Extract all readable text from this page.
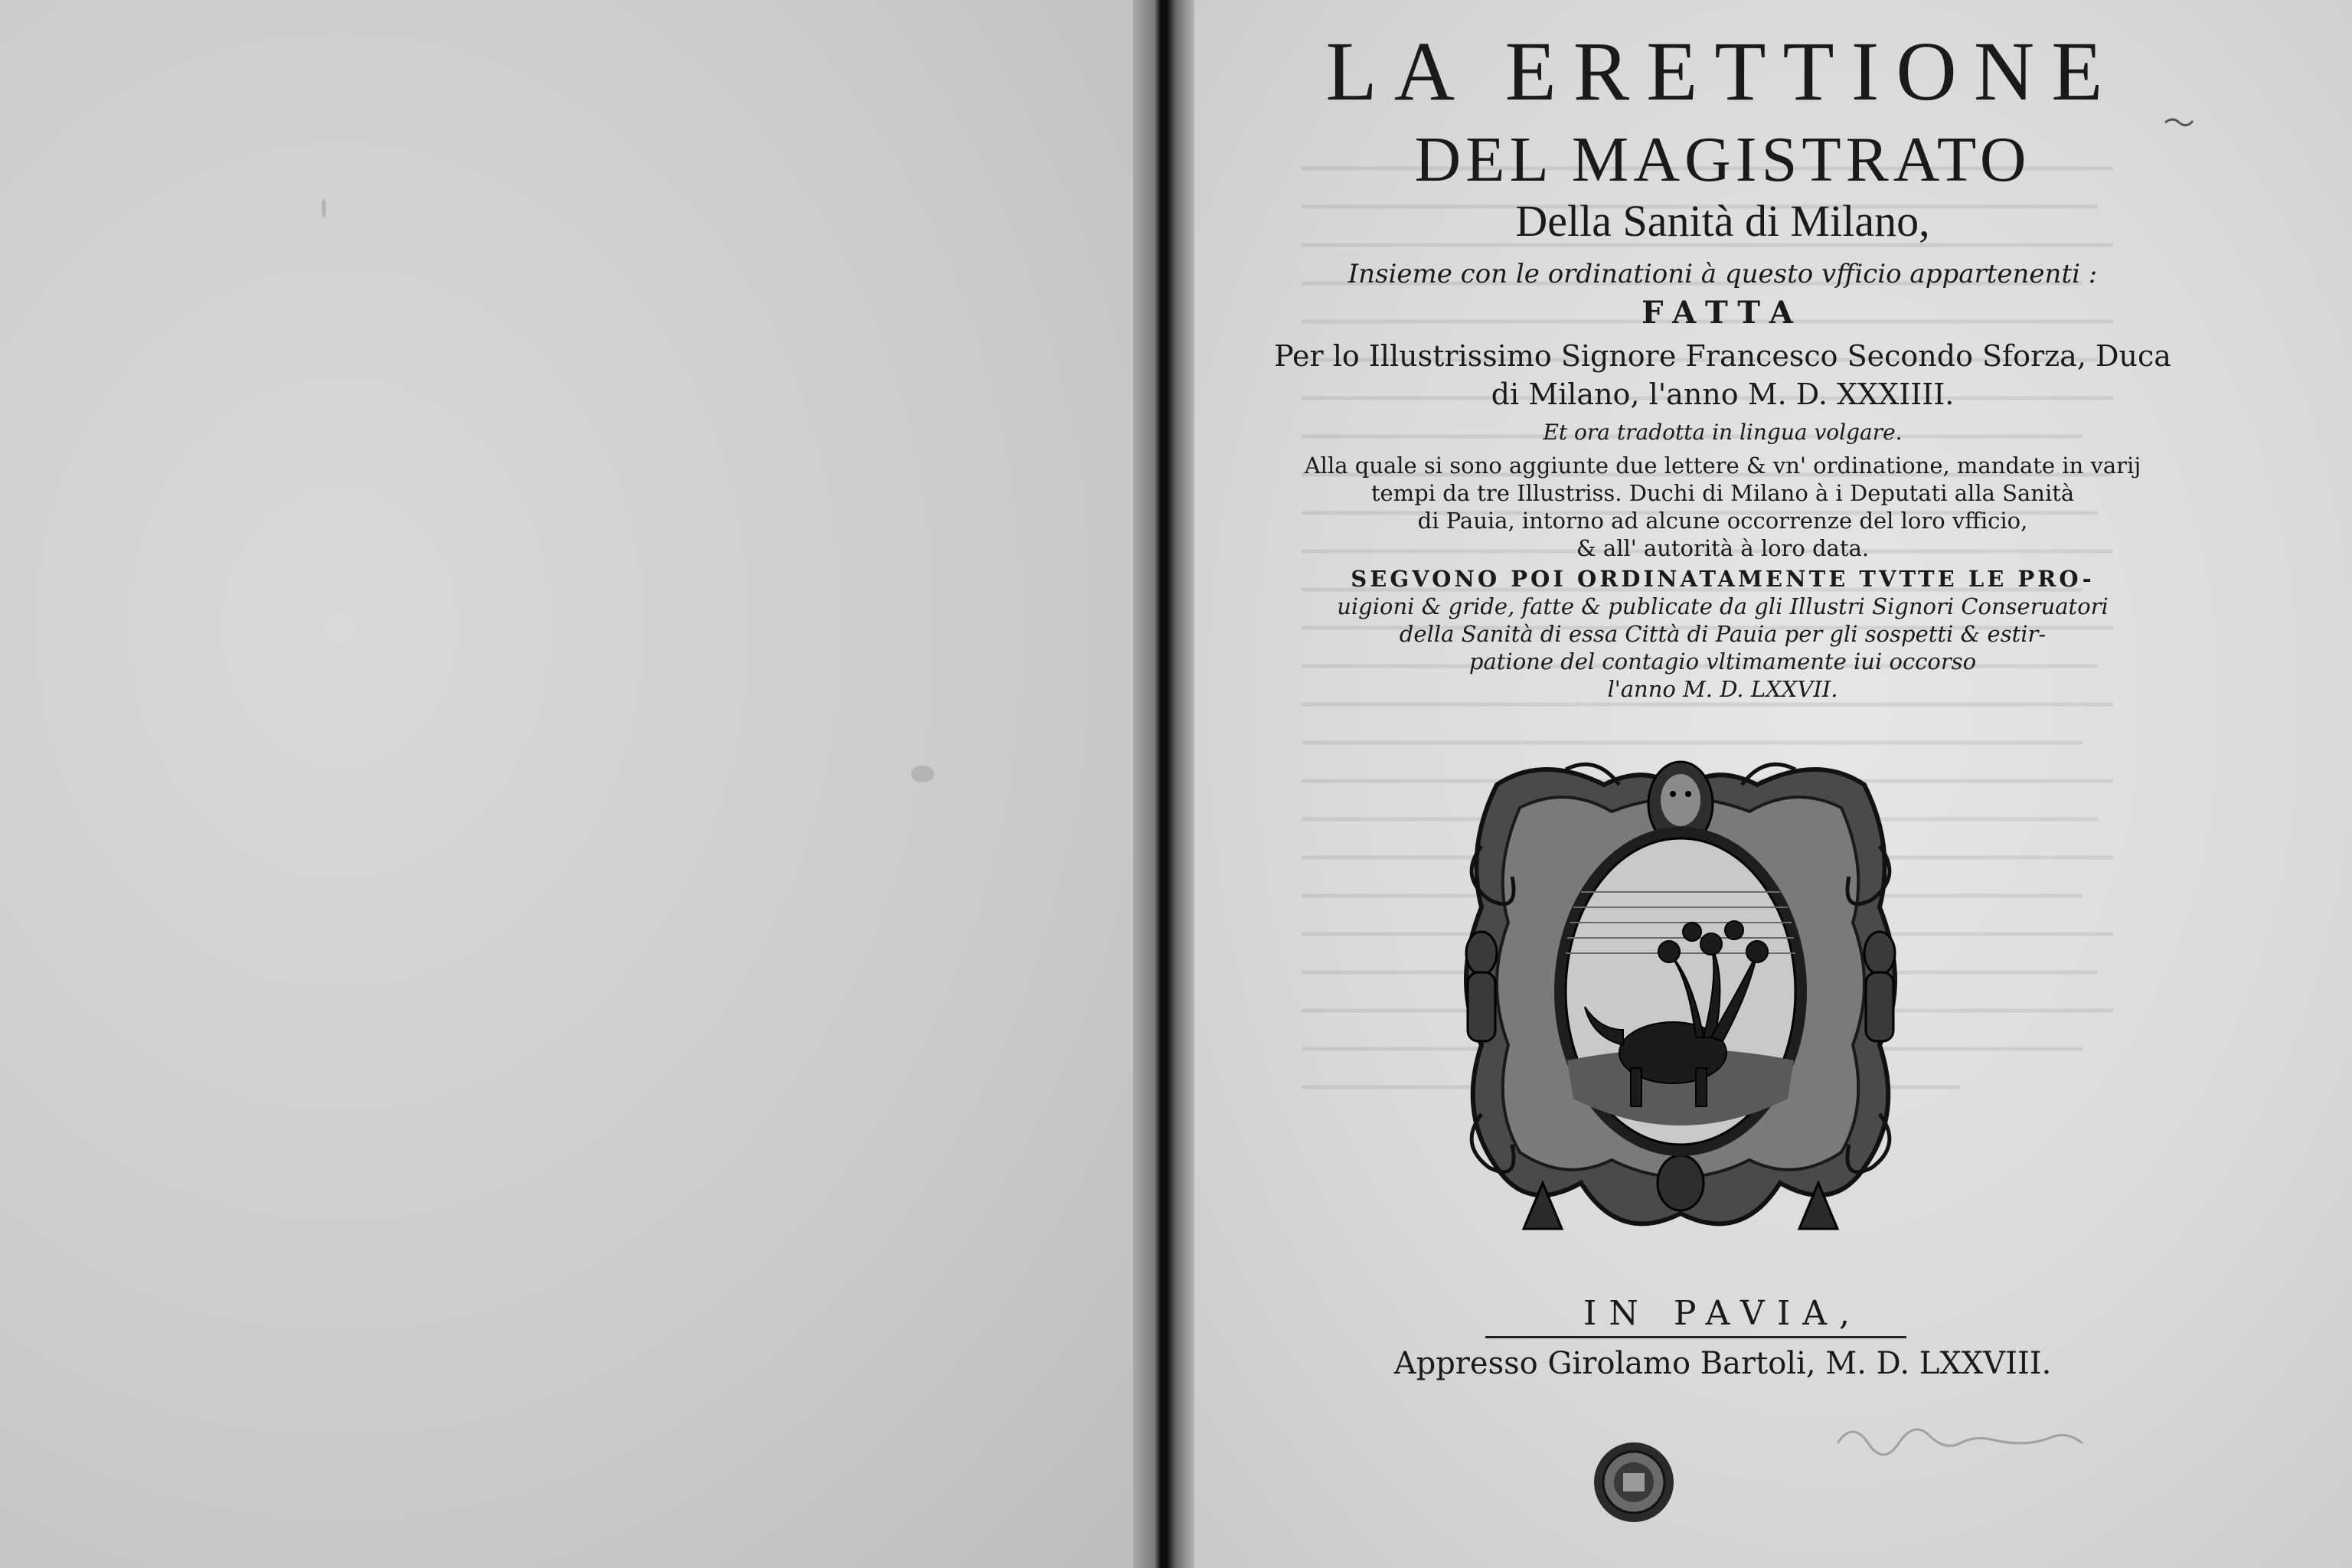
LA ERETTIONE
DEL MAGISTRATO
Della Sanità di Milano,
Insieme con le ordinationi à questo vfficio appartenenti :
FATTA
Per lo Illustrissimo Signore Francesco Secondo Sforza, Duca
di Milano, l'anno M. D. XXXIIII.
Et ora tradotta in lingua volgare.
Alla quale si sono aggiunte due lettere & vn' ordinatione, mandate in varij
tempi da tre Illustriss. Duchi di Milano à i Deputati alla Sanità
di Pauia, intorno ad alcune occorrenze del loro vfficio,
& all' autorità à loro data.
SEGVONO POI ORDINATAMENTE TVTTE LE PRO-
uigioni & gride, fatte & publicate da gli Illustri Signori Conseruatori
della Sanità di essa Città di Pauia per gli sospetti & estir-
patione del contagio vltimamente iui occorso
l'anno M. D. LXXVII.
IN PAVIA,
Appresso Girolamo Bartoli, M. D. LXXVIII.
